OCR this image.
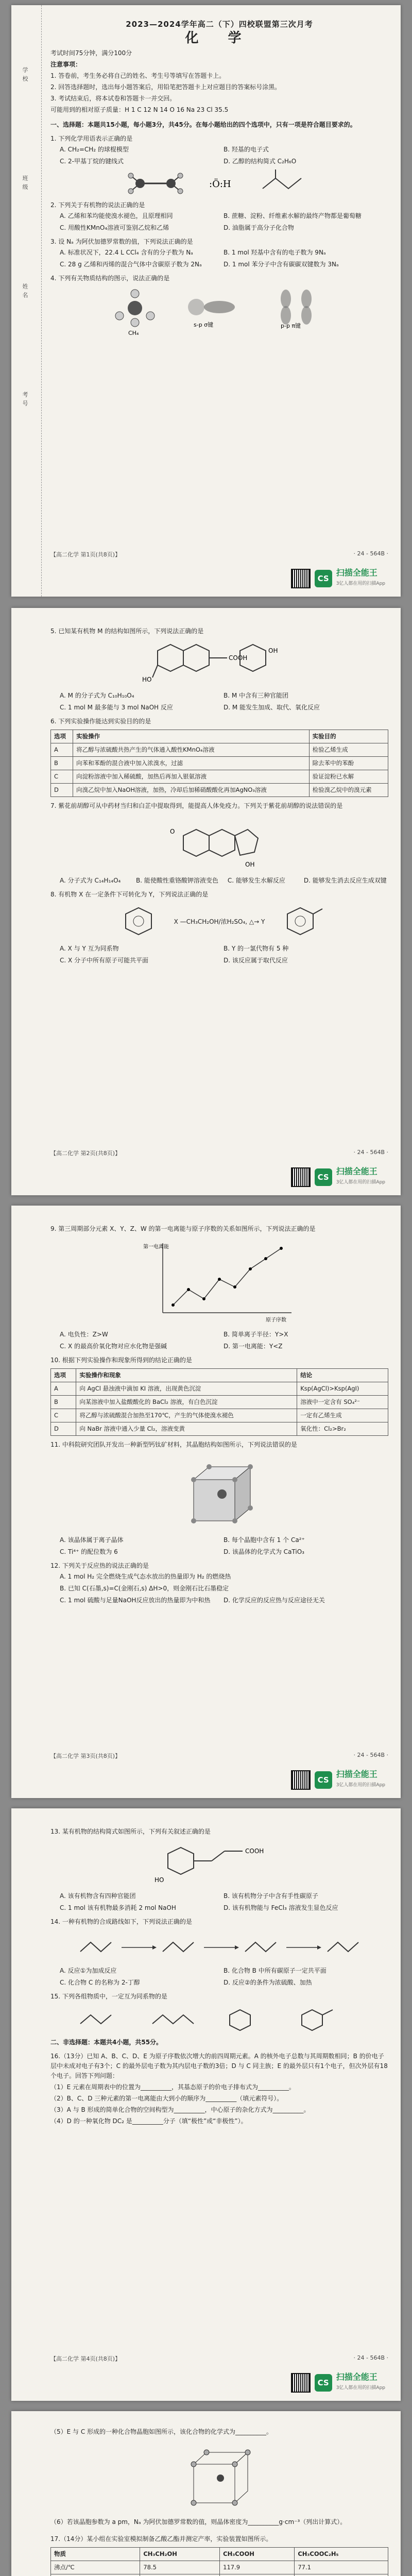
学校
班级
姓名
考号
2023—2024学年高二（下）四校联盟第三次月考
化 学
考试时间75分钟，满分100分
注意事项：
1. 答卷前，考生务必将自己的姓名、考生号等填写在答题卡上。
2. 回答选择题时，选出每小题答案后，用铅笔把答题卡上对应题目的答案标号涂黑。
3. 考试结束后，将本试卷和答题卡一并交回。
可能用到的相对原子质量：H 1 C 12 N 14 O 16 Na 23 Cl 35.5
一、选择题：本题共15小题，每小题3分，共45分。在每小题给出的四个选项中，只有一项是符合题目要求的。
1. 下列化学用语表示正确的是
A. CH₂=CH₂ 的球棍模型	B. 羟基的电子式
C. 2-甲基丁烷的键线式	D. 乙醇的结构简式 C₂H₆O
:Ö:H
2. 下列关于有机物的说法正确的是
A. 乙烯和苯均能使溴水褪色，且原理相同	B. 蔗糖、淀粉、纤维素水解的最终产物都是葡萄糖
C. 用酸性KMnO₄溶液可鉴别乙烷和乙烯	D. 油脂属于高分子化合物
3. 设 Nₐ 为阿伏加德罗常数的值，下列说法正确的是
A. 标准状况下，22.4 L CCl₄ 含有的分子数为 Nₐ	B. 1 mol 羟基中含有的电子数为 9Nₐ
C. 28 g 乙烯和丙烯的混合气体中含碳原子数为 2Nₐ	D. 1 mol 苯分子中含有碳碳双键数为 3Nₐ
4. 下列有关物质结构的图示，说法正确的是
CH₄
s-p σ键	p-p π键
【高二化学 第1页(共8页)】	· 24 - 564B ·
CS
扫描全能王
3亿人都在用的扫描App
5. 已知某有机物 M 的结构如图所示，下列说法正确的是
COOH
HO
OH
A. M 的分子式为 C₁₀H₁₀O₄	B. M 中含有三种官能团
C. 1 mol M 最多能与 3 mol NaOH 反应	D. M 能发生加成、取代、氧化反应
6. 下列实验操作能达到实验目的的是
选项	实验操作	实验目的
A	将乙醇与浓硫酸共热产生的气体通入酸性KMnO₄溶液	检验乙烯生成
B	向苯和苯酚的混合液中加入浓溴水，过滤	除去苯中的苯酚
C	向淀粉溶液中加入稀硫酸，加热后再加入银氨溶液	验证淀粉已水解
D	向溴乙烷中加入NaOH溶液，加热，冷却后加稀硝酸酸化再加AgNO₃溶液	检验溴乙烷中的溴元素
7. 紫花前胡醇可从中药材当归和白芷中提取得到，能提高人体免疫力。下列关于紫花前胡醇的说法错误的是
OH
O
A. 分子式为 C₁₄H₁₄O₄	B. 能使酸性重铬酸钾溶液变色 C. 能够发生水解反应	D. 能够发生消去反应生成双键
8. 有机物 X 在一定条件下可转化为 Y，下列说法正确的是
X —CH₃CH₂OH/浓H₂SO₄, △→ Y
A. X 与 Y 互为同系物	B. Y 的一氯代物有 5 种
C. X 分子中所有原子可能共平面	D. 该反应属于取代反应
【高二化学 第2页(共8页)】	· 24 - 564B ·
CS
扫描全能王
3亿人都在用的扫描App
9. 第三周期部分元素 X、Y、Z、W 的第一电离能与原子序数的关系如图所示，下列说法正确的是
第一电离能
原子序数
A. 电负性：Z>W	B. 简单离子半径：Y>X
C. X 的最高价氧化物对应水化物是强碱	D. 第一电离能：Y<Z
10. 根据下列实验操作和现象所得到的结论正确的是
选项	实验操作和现象	结论
A	向 AgCl 悬浊液中滴加 KI 溶液，出现黄色沉淀	Ksp(AgCl)>Ksp(AgI)
B	向某溶液中加入盐酸酸化的 BaCl₂ 溶液，有白色沉淀	溶液中一定含有 SO₄²⁻
C	将乙醇与浓硫酸混合加热至170℃，产生的气体使溴水褪色	一定有乙烯生成
D	向 NaBr 溶液中通入少量 Cl₂，溶液变黄	氧化性：Cl₂>Br₂
11. 中科院研究团队开发出一种新型钙钛矿材料，其晶胞结构如图所示，下列说法错误的是
A. 该晶体属于离子晶体	B. 每个晶胞中含有 1 个 Ca²⁺
C. Ti⁴⁺ 的配位数为 6	D. 该晶体的化学式为 CaTiO₃
12. 下列关于反应热的说法正确的是
A. 1 mol H₂ 完全燃烧生成气态水放出的热量即为 H₂ 的燃烧热
B. 已知 C(石墨,s)=C(金刚石,s) ΔH>0，则金刚石比石墨稳定
C. 1 mol 硫酸与足量NaOH反应放出的热量即为中和热	D. 化学反应的反应热与反应途径无关
【高二化学 第3页(共8页)】	· 24 - 564B ·
CS
扫描全能王
3亿人都在用的扫描App
13. 某有机物的结构简式如图所示，下列有关叙述正确的是
COOH
HO
A. 该有机物含有四种官能团	B. 该有机物分子中含有手性碳原子
C. 1 mol 该有机物最多消耗 2 mol NaOH	D. 该有机物能与 FeCl₃ 溶液发生显色反应
14. 一种有机物的合成路线如下，下列说法正确的是
A. 反应①为加成反应	B. 化合物 B 中所有碳原子一定共平面
C. 化合物 C 的名称为 2-丁醇	D. 反应②的条件为浓硫酸、加热
15. 下列各组物质中，一定互为同系物的是
二、非选择题：本题共4小题，共55分。
16.（13分）已知 A、B、C、D、E 为原子序数依次增大的前四周期元素。A 的核外电子总数与其周期数相同；B 的价电子层中未成对电子有3个；C 的最外层电子数为其内层电子数的3倍；D 与 C 同主族；E 的最外层只有1个电子，但次外层有18个电子。回答下列问题：
（1）E 元素在周期表中的位置为__________，其基态原子的价电子排布式为__________。
（2）B、C、D 三种元素的第一电离能由大到小的顺序为__________（填元素符号）。
（3）A 与 B 形成的简单化合物的空间构型为__________，中心原子的杂化方式为__________。
（4）D 的一种氧化物 DC₂ 是__________分子（填“极性”或“非极性”）。
【高二化学 第4页(共8页)】	· 24 - 564B ·
CS
扫描全能王
3亿人都在用的扫描App
（5）E 与 C 形成的一种化合物晶胞如图所示，该化合物的化学式为__________。
（6）若该晶胞参数为 a pm，Nₐ 为阿伏加德罗常数的值，则晶体密度为__________g·cm⁻³（列出计算式）。
17.（14分）某小组在实验室模拟制备乙酸乙酯并测定产率，实验装置如图所示。
物质	CH₃CH₂OH	CH₃COOH	CH₃COOC₂H₅
沸点/℃	78.5	117.9	77.1
